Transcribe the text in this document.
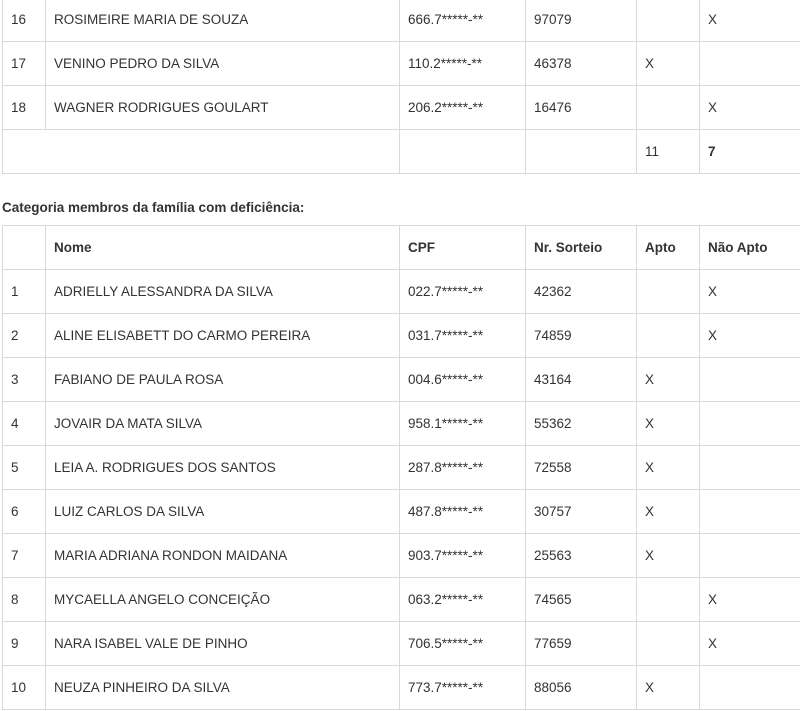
16	ROSIMEIRE MARIA DE SOUZA	666.7*****-**	97079		X
17	VENINO PEDRO DA SILVA	110.2*****-**	46378	X	
18	WAGNER RODRIGUES GOULART	206.2*****-**	16476		X
				11	7
Categoria membros da família com deficiência:
	Nome	CPF	Nr. Sorteio	Apto	Não Apto
1	ADRIELLY ALESSANDRA DA SILVA	022.7*****-**	42362		X
2	ALINE ELISABETT DO CARMO PEREIRA	031.7*****-**	74859		X
3	FABIANO DE PAULA ROSA	004.6*****-**	43164	X	
4	JOVAIR DA MATA SILVA	958.1*****-**	55362	X	
5	LEIA A. RODRIGUES DOS SANTOS	287.8*****-**	72558	X	
6	LUIZ CARLOS DA SILVA	487.8*****-**	30757	X	
7	MARIA ADRIANA RONDON MAIDANA	903.7*****-**	25563	X	
8	MYCAELLA ANGELO CONCEIÇÃO	063.2*****-**	74565		X
9	NARA ISABEL VALE DE PINHO	706.5*****-**	77659		X
10	NEUZA PINHEIRO DA SILVA	773.7*****-**	88056	X	
